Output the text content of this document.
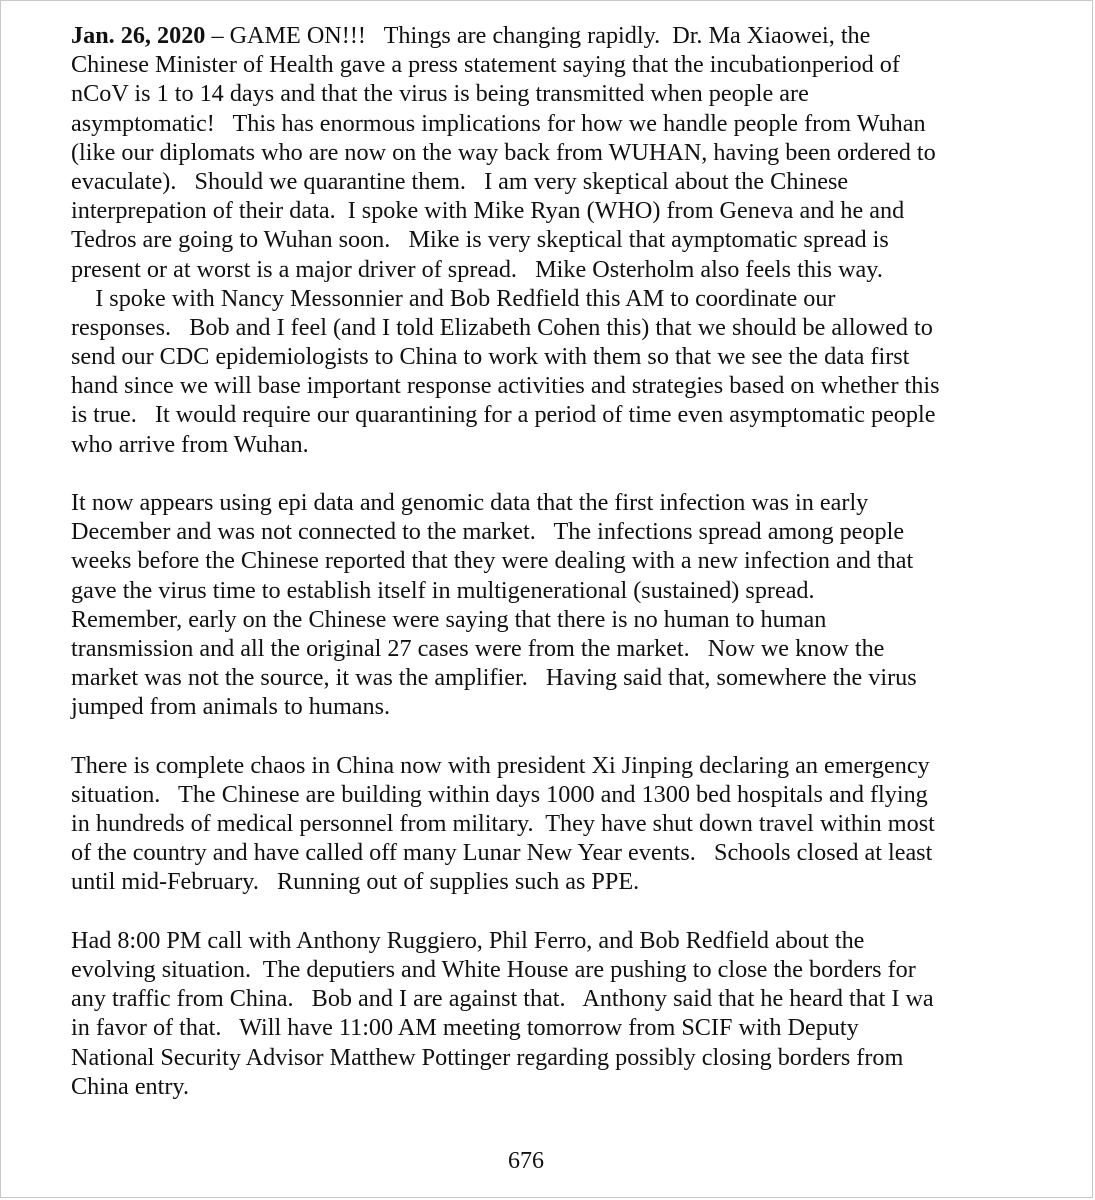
Jan. 26, 2020 – GAME ON!!!   Things are changing rapidly.  Dr. Ma Xiaowei, the
Chinese Minister of Health gave a press statement saying that the incubationperiod of
nCoV is 1 to 14 days and that the virus is being transmitted when people are
asymptomatic!   This has enormous implications for how we handle people from Wuhan
(like our diplomats who are now on the way back from WUHAN, having been ordered to
evaculate).   Should we quarantine them.   I am very skeptical about the Chinese
interprepation of their data.  I spoke with Mike Ryan (WHO) from Geneva and he and
Tedros are going to Wuhan soon.   Mike is very skeptical that aymptomatic spread is
present or at worst is a major driver of spread.   Mike Osterholm also feels this way.
I spoke with Nancy Messonnier and Bob Redfield this AM to coordinate our
responses.   Bob and I feel (and I told Elizabeth Cohen this) that we should be allowed to
send our CDC epidemiologists to China to work with them so that we see the data first
hand since we will base important response activities and strategies based on whether this
is true.   It would require our quarantining for a period of time even asymptomatic people
who arrive from Wuhan.
It now appears using epi data and genomic data that the first infection was in early
December and was not connected to the market.   The infections spread among people
weeks before the Chinese reported that they were dealing with a new infection and that
gave the virus time to establish itself in multigenerational (sustained) spread.
Remember, early on the Chinese were saying that there is no human to human
transmission and all the original 27 cases were from the market.   Now we know the
market was not the source, it was the amplifier.   Having said that, somewhere the virus
jumped from animals to humans.
There is complete chaos in China now with president Xi Jinping declaring an emergency
situation.   The Chinese are building within days 1000 and 1300 bed hospitals and flying
in hundreds of medical personnel from military.  They have shut down travel within most
of the country and have called off many Lunar New Year events.   Schools closed at least
until mid-February.   Running out of supplies such as PPE.
Had 8:00 PM call with Anthony Ruggiero, Phil Ferro, and Bob Redfield about the
evolving situation.  The deputiers and White House are pushing to close the borders for
any traffic from China.   Bob and I are against that.   Anthony said that he heard that I wa
in favor of that.   Will have 11:00 AM meeting tomorrow from SCIF with Deputy
National Security Advisor Matthew Pottinger regarding possibly closing borders from
China entry.
676
